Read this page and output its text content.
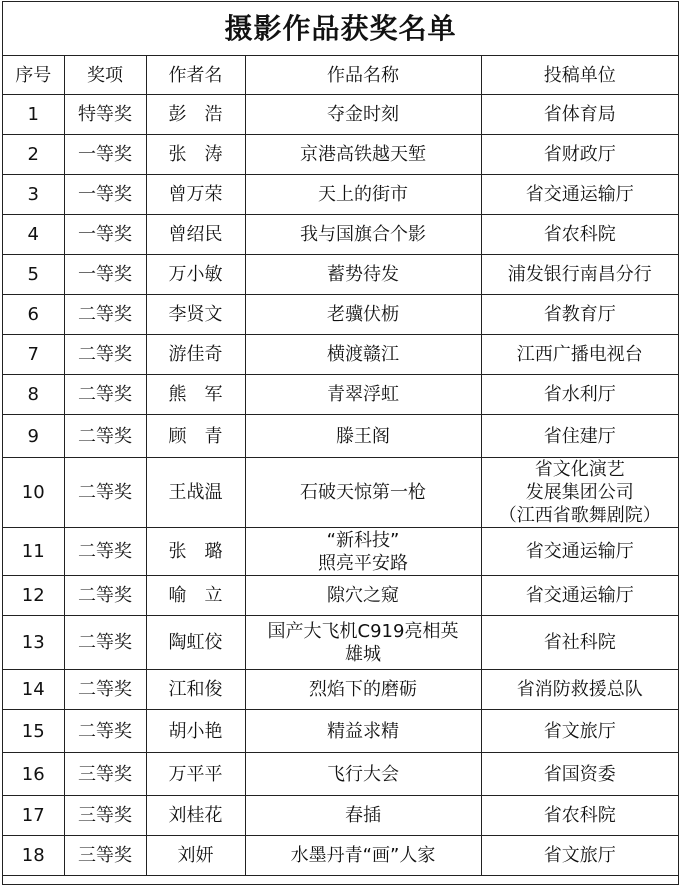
摄影作品获奖名单
序号	奖项	作者名	作品名称	投稿单位
1	特等奖	彭　浩	夺金时刻	省体育局
2	一等奖	张　涛	京港高铁越天堑	省财政厅
3	一等奖	曾万荣	天上的街市	省交通运输厅
4	一等奖	曾绍民	我与国旗合个影	省农科院
5	一等奖	万小敏	蓄势待发	浦发银行南昌分行
6	二等奖	李贤文	老骥伏枥	省教育厅
7	二等奖	游佳奇	横渡赣江	江西广播电视台
8	二等奖	熊　军	青翠浮虹	省水利厅
9	二等奖	顾　青	滕王阁	省住建厅
10	二等奖	王战温	石破天惊第一枪	省文化演艺
发展集团公司
（江西省歌舞剧院）
11	二等奖	张　璐	“新科技”
照亮平安路	省交通运输厅
12	二等奖	喻　立	隙穴之窥	省交通运输厅
13	二等奖	陶虹佼	国产大飞机C919亮相英
雄城	省社科院
14	二等奖	江和俊	烈焰下的磨砺	省消防救援总队
15	二等奖	胡小艳	精益求精	省文旅厅
16	三等奖	万平平	飞行大会	省国资委
17	三等奖	刘桂花	春插	省农科院
18	三等奖	刘妍	水墨丹青“画”人家	省文旅厅
